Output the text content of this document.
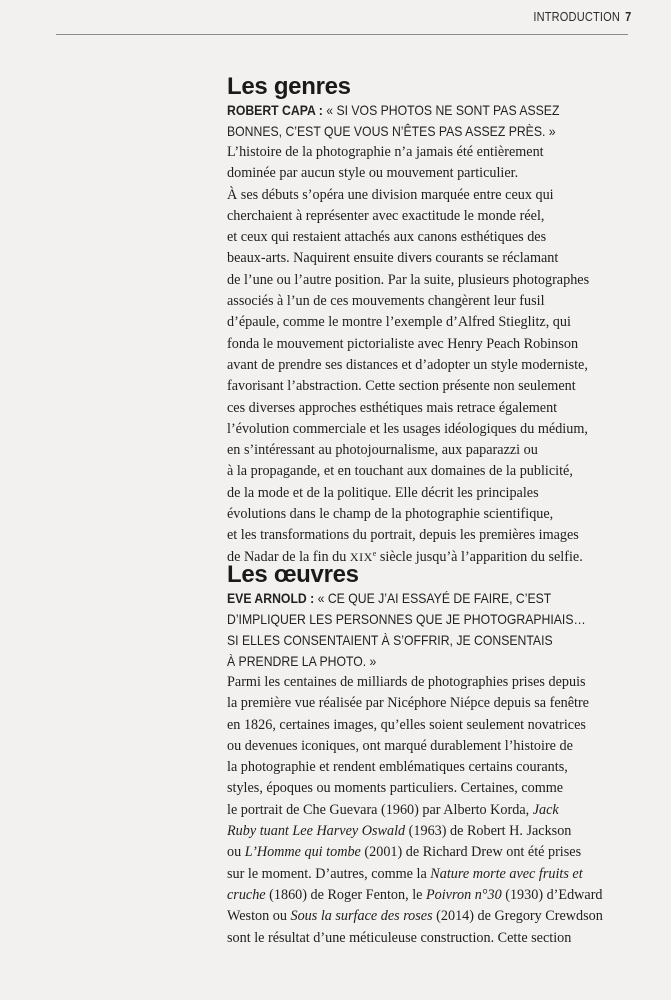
INTRODUCTION 7
Les genres
ROBERT CAPA : « SI VOS PHOTOS NE SONT PAS ASSEZ
BONNES, C’EST QUE VOUS N’ÊTES PAS ASSEZ PRÈS. »
L’histoire de la photographie n’a jamais été entièrement
dominée par aucun style ou mouvement particulier.
À ses débuts s’opéra une division marquée entre ceux qui
cherchaient à représenter avec exactitude le monde réel,
et ceux qui restaient attachés aux canons esthétiques des
beaux-arts. Naquirent ensuite divers courants se réclamant
de l’une ou l’autre position. Par la suite, plusieurs photographes
associés à l’un de ces mouvements changèrent leur fusil
d’épaule, comme le montre l’exemple d’Alfred Stieglitz, qui
fonda le mouvement pictorialiste avec Henry Peach Robinson
avant de prendre ses distances et d’adopter un style moderniste,
favorisant l’abstraction. Cette section présente non seulement
ces diverses approches esthétiques mais retrace également
l’évolution commerciale et les usages idéologiques du médium,
en s’intéressant au photojournalisme, aux paparazzi ou
à la propagande, et en touchant aux domaines de la publicité,
de la mode et de la politique. Elle décrit les principales
évolutions dans le champ de la photographie scientifique,
et les transformations du portrait, depuis les premières images
de Nadar de la fin du XIXe siècle jusqu’à l’apparition du selfie.
Les œuvres
EVE ARNOLD : « CE QUE J’AI ESSAYÉ DE FAIRE, C’EST
D’IMPLIQUER LES PERSONNES QUE JE PHOTOGRAPHIAIS…
SI ELLES CONSENTAIENT À S’OFFRIR, JE CONSENTAIS
À PRENDRE LA PHOTO. »
Parmi les centaines de milliards de photographies prises depuis
la première vue réalisée par Nicéphore Niépce depuis sa fenêtre
en 1826, certaines images, qu’elles soient seulement novatrices
ou devenues iconiques, ont marqué durablement l’histoire de
la photographie et rendent emblématiques certains courants,
styles, époques ou moments particuliers. Certaines, comme
le portrait de Che Guevara (1960) par Alberto Korda, Jack
Ruby tuant Lee Harvey Oswald (1963) de Robert H. Jackson
ou L’Homme qui tombe (2001) de Richard Drew ont été prises
sur le moment. D’autres, comme la Nature morte avec fruits et
cruche (1860) de Roger Fenton, le Poivron n°30 (1930) d’Edward
Weston ou Sous la surface des roses (2014) de Gregory Crewdson
sont le résultat d’une méticuleuse construction. Cette section
